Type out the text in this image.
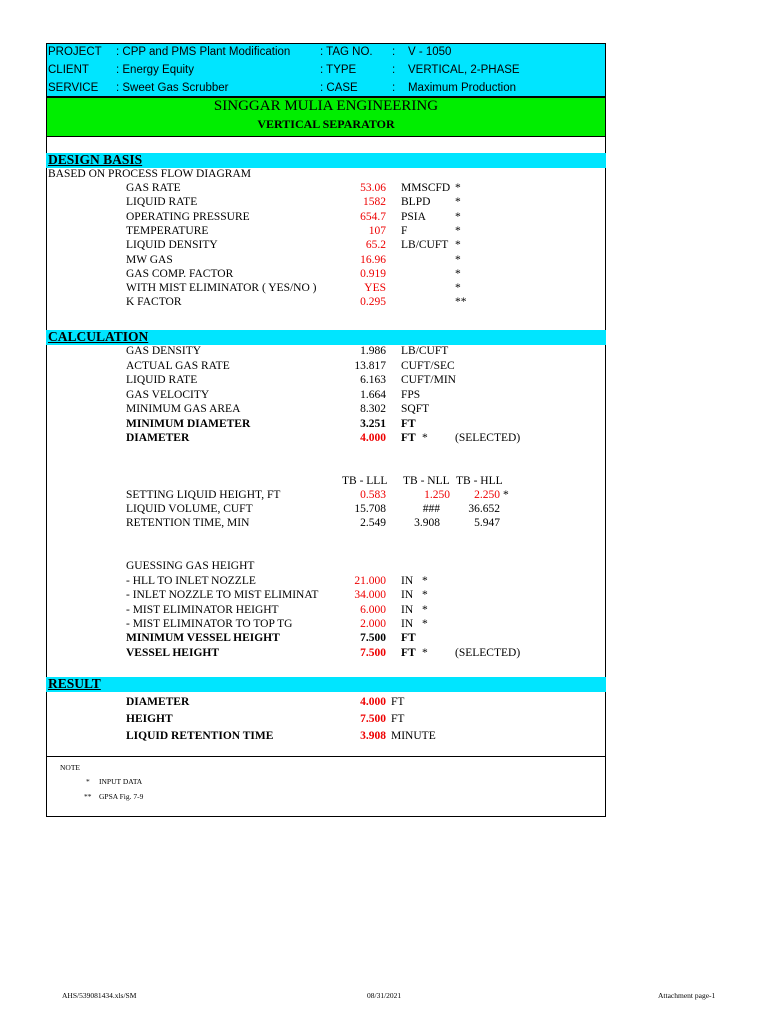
PROJECT : CPP and PMS Plant Modification	: TAG NO. :    V - 1050
CLIENT : Energy Equity	: TYPE	:    VERTICAL, 2-PHASE
SERVICE : Sweet Gas Scrubber	: CASE	:    Maximum Production
SINGGAR MULIA ENGINEERING
VERTICAL SEPARATOR
DESIGN BASIS
BASED ON PROCESS FLOW DIAGRAM
GAS RATE	53.06 MMSCFD *
LIQUID RATE	1582 BLPD *
OPERATING PRESSURE	654.7 PSIA	*
TEMPERATURE	107 F	*
LIQUID DENSITY	65.2 LB/CUFT *
MW GAS	16.96	*
GAS COMP. FACTOR	0.919	*
WITH MIST ELIMINATOR ( YES/NO )	YES	*
K FACTOR	0.295	**
CALCULATION
GAS DENSITY	1.986 LB/CUFT
ACTUAL GAS RATE	13.817 CUFT/SEC
LIQUID RATE	6.163 CUFT/MIN
GAS VELOCITY	1.664 FPS
MINIMUM GAS AREA	8.302 SQFT
MINIMUM DIAMETER	3.251 FT
DIAMETER	4.000 FT * (SELECTED)
TB - LLL TB - NLL TB - HLL
SETTING LIQUID HEIGHT, FT	0.583	1.250	2.250 *
LIQUID VOLUME, CUFT	15.708	###	36.652
RETENTION TIME, MIN	2.549	3.908	5.947
GUESSING GAS HEIGHT
- HLL TO INLET NOZZLE	21.000 IN *
- INLET NOZZLE TO MIST ELIMINAT	34.000 IN *
- MIST ELIMINATOR HEIGHT	6.000 IN *
- MIST ELIMINATOR TO TOP TG	2.000 IN *
MINIMUM VESSEL HEIGHT	7.500 FT
VESSEL HEIGHT	7.500 FT * (SELECTED)
RESULT
DIAMETER	4.000 FT
HEIGHT	7.500 FT
LIQUID RETENTION TIME	3.908 MINUTE
NOTE
* INPUT DATA
** GPSA Fig. 7-9
AHS/539081434.xls/SM	08/31/2021	Attachment page-1
